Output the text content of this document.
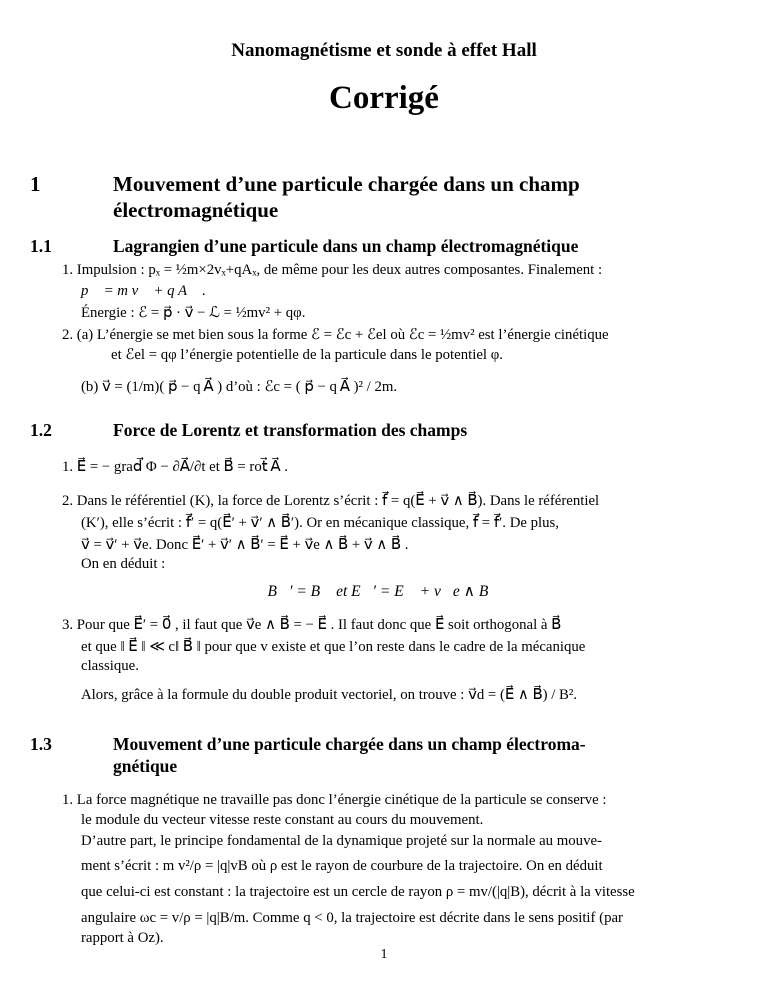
Nanomagnétisme et sonde à effet Hall
Corrigé
1	Mouvement d’une particule chargée dans un champ
électromagnétique
1.1	Lagrangien d’une particule dans un champ électromagnétique
1. Impulsion : pₓ = ½m×2vₓ+qAₓ, de même pour les deux autres composantes. Finalement :
p⃗ = m v⃗ + q A⃗ .
Énergie : ℰ = p⃗ · v⃗ − ℒ = ½mv² + qφ.
2. (a) L’énergie se met bien sous la forme ℰ = ℰc + ℰel où ℰc = ½mv² est l’énergie cinétique
et ℰel = qφ l’énergie potentielle de la particule dans le potentiel φ.
(b) v⃗ = (1/m)( p⃗ − q A⃗ ) d’où : ℰc = ( p⃗ − q A⃗ )² / 2m.
1.2	Force de Lorentz et transformation des champs
1. E⃗ = − grad⃗ Φ − ∂A⃗/∂t et B⃗ = rot⃗ A⃗ .
2. Dans le référentiel (K), la force de Lorentz s’écrit : f⃗ = q(E⃗ + v⃗ ∧ B⃗). Dans le référentiel
(K′), elle s’écrit : f⃗′ = q(E⃗′ + v⃗′ ∧ B⃗′). Or en mécanique classique, f⃗ = f⃗′. De plus,
v⃗ = v⃗′ + v⃗e. Donc E⃗′ + v⃗′ ∧ B⃗′ = E⃗ + v⃗e ∧ B⃗ + v⃗ ∧ B⃗ .
On en déduit :
B⃗′ = B⃗ et E⃗′ = E⃗ + v⃗e ∧ B⃗
3. Pour que E⃗′ = 0⃗ , il faut que v⃗e ∧ B⃗ = − E⃗ . Il faut donc que E⃗ soit orthogonal à B⃗
et que ‖ E⃗ ‖ ≪ c‖ B⃗ ‖ pour que v existe et que l’on reste dans le cadre de la mécanique
classique.
Alors, grâce à la formule du double produit vectoriel, on trouve : v⃗d = (E⃗ ∧ B⃗) / B².
1.3	Mouvement d’une particule chargée dans un champ électroma-
gnétique
1. La force magnétique ne travaille pas donc l’énergie cinétique de la particule se conserve :
le module du vecteur vitesse reste constant au cours du mouvement.
D’autre part, le principe fondamental de la dynamique projeté sur la normale au mouve-
ment s’écrit : m v²/ρ = |q|vB où ρ est le rayon de courbure de la trajectoire. On en déduit
que celui-ci est constant : la trajectoire est un cercle de rayon ρ = mv/(|q|B), décrit à la vitesse
angulaire ωc = v/ρ = |q|B/m. Comme q < 0, la trajectoire est décrite dans le sens positif (par
rapport à Oz).
1
